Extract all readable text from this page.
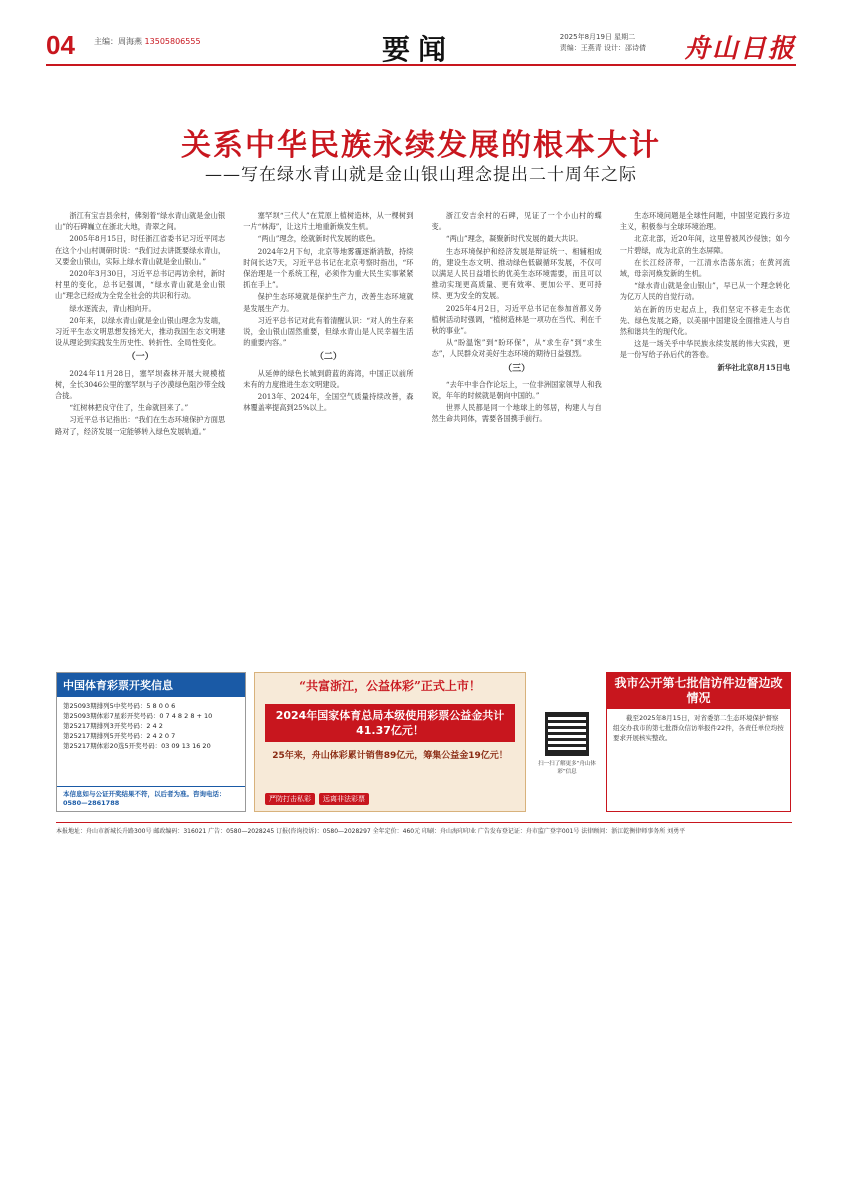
04 主编：周海燕 13505806555	要闻	2025年8月19日 星期二
责编：王燕青 设计：邵诗倩 舟山日报
关系中华民族永续发展的根本大计
——写在绿水青山就是金山银山理念提出二十周年之际

浙江有宝吉县余村，佛刻着“绿水青山就是金山银山”的石碑巍立在浙北大地，青翠之间。

2005年8月15日，时任浙江省委书记习近平同志在这个小山村调研时说：“我们过去讲既要绿水青山，又要金山银山，实际上绿水青山就是金山银山。”

2020年3月30日，习近平总书记再访余村，新时村里的变化，总书记强调，“绿水青山就是金山银山”理念已经成为全党全社会的共识和行动。

绿水逐流去，青山相向开。

20年来，以绿水青山就是金山银山理念为发端，习近平生态文明思想发扬光大，推动我国生态文明建设从理论到实践发生历史性、转折性、全局性变化。

（一）

2024年11月28日，塞罕坝森林开展大规模植树，全长3046公里的塞罕坝与子沙漠绿色阻沙带全线合拢。

“红树林把良守住了，生命就回来了。”

习近平总书记指出：“我们在生态环境保护方面思路对了，经济发展一定能够转入绿色发展轨道。”

塞罕坝“三代人”在荒原上植树造林，从一棵树到一片“林海”，让这片土地重新焕发生机。

“两山”理念，绘就新时代发展的底色。

2024年2月下旬，北京等地雾霾逐渐消散，持续时间长达7天，习近平总书记在北京考察时指出，“环保治理是一个系统工程，必须作为重大民生实事紧紧抓在手上”。

保护生态环境就是保护生产力，改善生态环境就是发展生产力。

习近平总书记对此有着清醒认识：“对人的生存来说，金山银山固然重要，但绿水青山是人民幸福生活的重要内容。”

（二）

从延伸的绿色长城到蔚蓝的海湾，中国正以前所未有的力度推进生态文明建设。

2013年、2024年，全国空气质量持续改善，森林覆盖率提高到25%以上。

浙江安吉余村的石碑，见证了一个小山村的蝶变。

“两山”理念，凝聚新时代发展的最大共识。

生态环境保护和经济发展是辩证统一、相辅相成的，建设生态文明、推动绿色低碳循环发展，不仅可以满足人民日益增长的优美生态环境需要，而且可以推动实现更高质量、更有效率、更加公平、更可持续、更为安全的发展。

2025年4月2日，习近平总书记在参加首都义务植树活动时强调，“植树造林是一项功在当代、利在千秋的事业”。

从“盼温饱”到“盼环保”，从“求生存”到“求生态”，人民群众对美好生态环境的期待日益强烈。

（三）

“去年中非合作论坛上，一位非洲国家领导人和我说，年年的时候就是朝向中国的。”

世界人民都是同一个地球上的邻居，构建人与自然生命共同体，需要各国携手前行。

生态环境问题是全球性问题，中国坚定践行多边主义，积极参与全球环境治理。

北京北部，近20年间，这里曾被风沙侵蚀；如今一片碧绿，成为北京的生态屏障。

在长江经济带，一江清水浩荡东流；在黄河流域，母亲河焕发新的生机。

“绿水青山就是金山银山”，早已从一个理念转化为亿万人民的自觉行动。

站在新的历史起点上，我们坚定不移走生态优先、绿色发展之路，以美丽中国建设全面推进人与自然和谐共生的现代化。

这是一场关乎中华民族永续发展的伟大实践，更是一份写给子孙后代的答卷。

新华社北京8月15日电

中国体育彩票开奖信息
第25093期排列5中奖号码：5 8 0 0 6
第25093期体彩7星彩开奖号码：0 7 4 8 2 8 + 10
第25217期排列3开奖号码：2 4 2
第25217期排列5开奖号码：2 4 2 0 7
第25217期体彩20选5开奖号码：03 09 13 16 20
本信息如与公证开奖结果不符，以后者为准。咨询电话：0580—2861788
“共富浙江，公益体彩”正式上市！
2024年国家体育总局本级使用彩票公益金共计41.37亿元！
25年来，舟山体彩累计销售89亿元，筹集公益金19亿元！
严防打击私彩	远离非法彩票
扫一扫了解更多“舟山体彩”信息
我市公开第七批信访件边督边改情况
截至2025年8月15日，对省委第二生态环境保护督察组交办我市的第七批群众信访举报件22件，各责任单位均按要求开展核实整改。
本报地址：舟山市新城长升路300号 邮政编码：316021 广告：0580—2028245 订报(咨询投诉)：0580—2028297 全年定价：460元 印刷：舟山海印印业 广告发布登记证：舟市监广登字001号 法律顾问：浙江乾衡律师事务所 刘勇平
